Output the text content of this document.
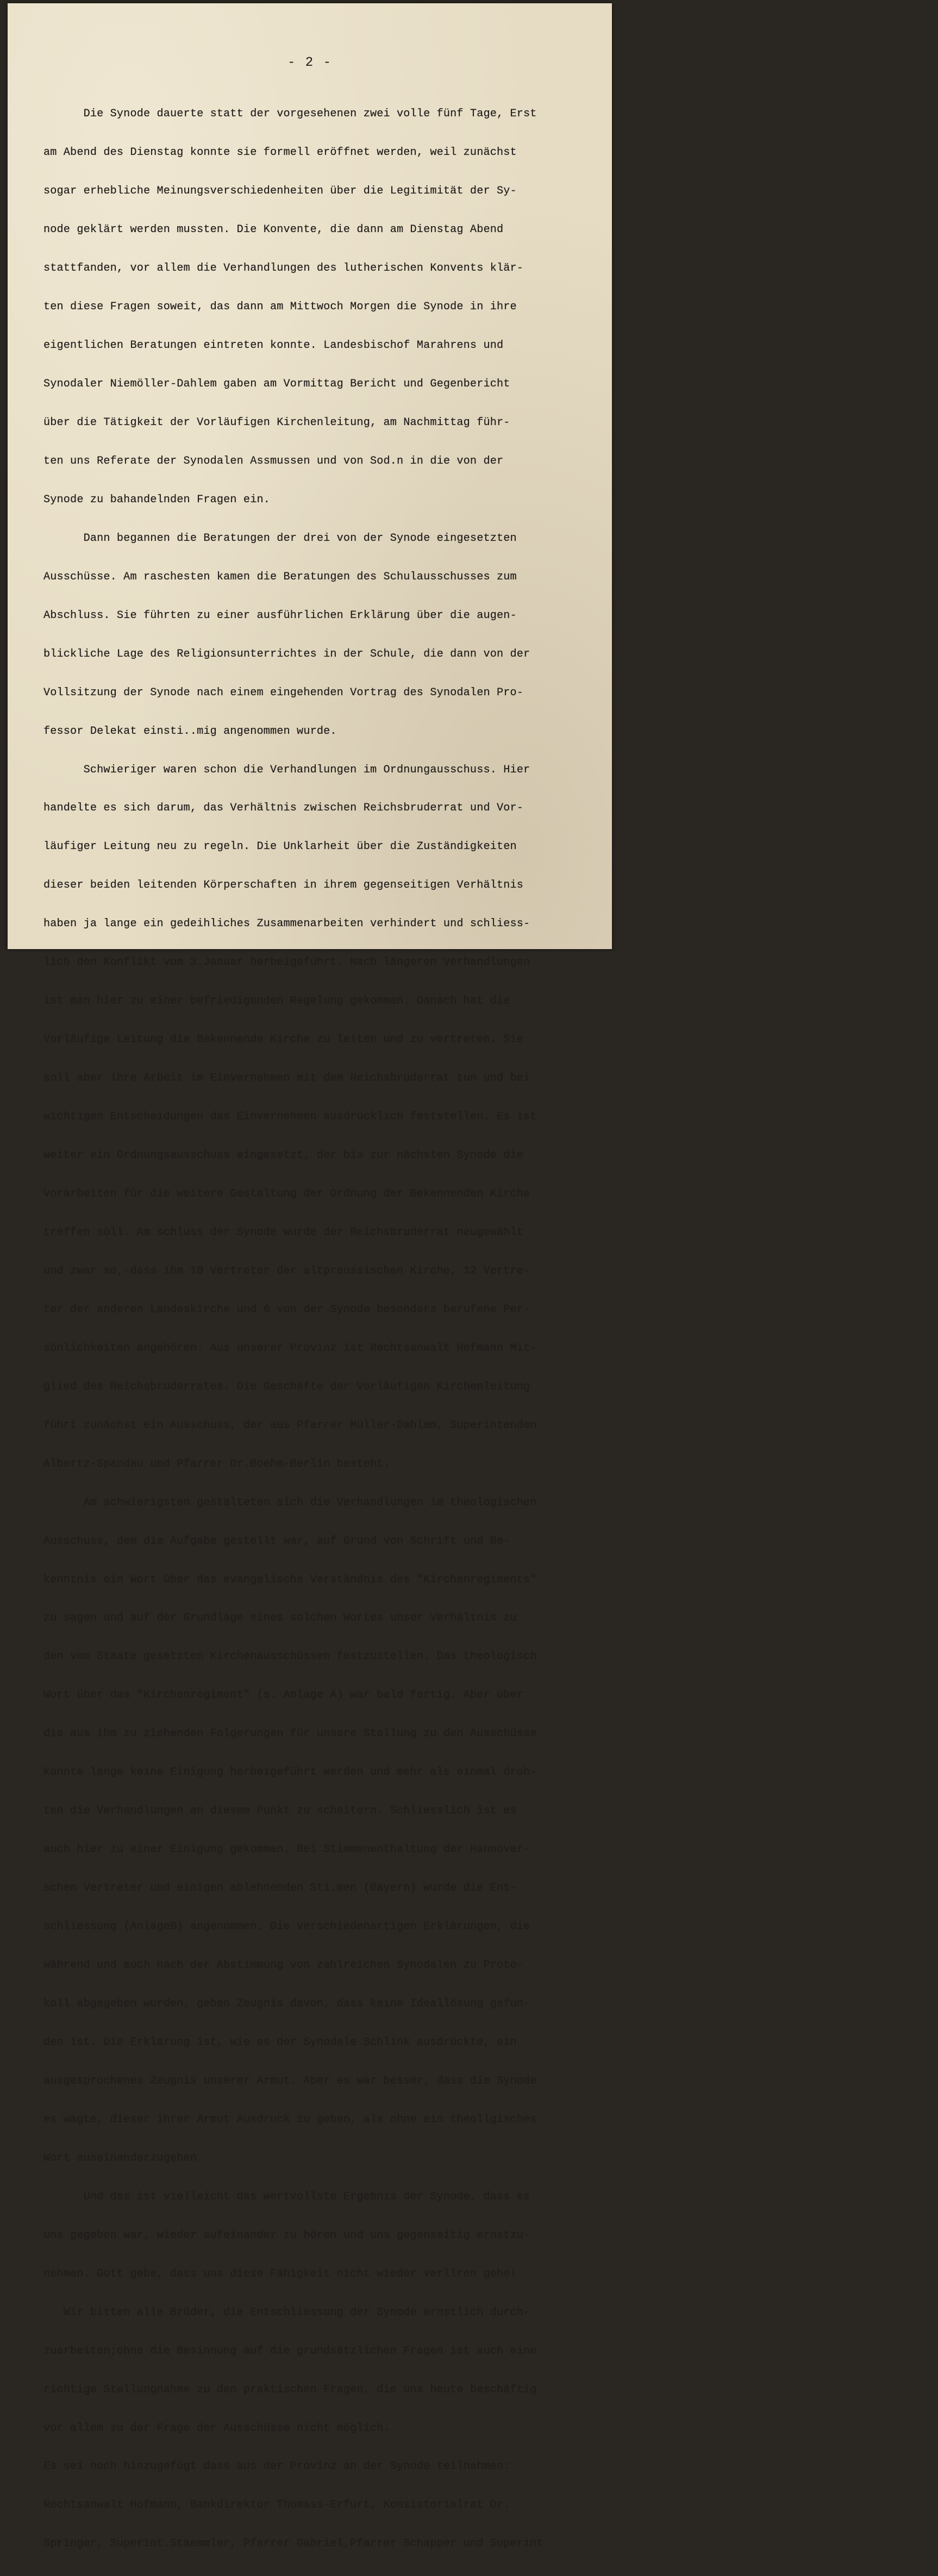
- 2 -

Die Synode dauerte statt der vorgesehenen zwei volle fünf Tage, Erst

am Abend des Dienstag konnte sie formell eröffnet werden, weil zunächst

sogar erhebliche Meinungsverschiedenheiten über die Legitimität der Sy-

node geklärt werden mussten. Die Konvente, die dann am Dienstag Abend

stattfanden, vor allem die Verhandlungen des lutherischen Konvents klär-

ten diese Fragen soweit, das dann am Mittwoch Morgen die Synode in ihre

eigentlichen Beratungen eintreten konnte. Landesbischof Marahrens und

Synodaler Niemöller-Dahlem gaben am Vormittag Bericht und Gegenbericht

über die Tätigkeit der Vorläufigen Kirchenleitung, am Nachmittag führ-

ten uns Referate der Synodalen Assmussen und von Sod.n in die von der

Synode zu bahandelnden Fragen ein.

Dann begannen die Beratungen der drei von der Synode eingesetzten

Ausschüsse. Am raschesten kamen die Beratungen des Schulausschusses zum

Abschluss. Sie führten zu einer ausführlichen Erklärung über die augen-

blickliche Lage des Religionsunterrichtes in der Schule, die dann von der

Vollsitzung der Synode nach einem eingehenden Vortrag des Synodalen Pro-

fessor Delekat einsti..mig angenommen wurde.

Schwieriger waren schon die Verhandlungen im Ordnungausschuss. Hier

handelte es sich darum, das Verhältnis zwischen Reichsbruderrat und Vor-

läufiger Leitung neu zu regeln. Die Unklarheit über die Zuständigkeiten

dieser beiden leitenden Körperschaften in ihrem gegenseitigen Verhältnis

haben ja lange ein gedeihliches Zusammenarbeiten verhindert und schliess-

lich den Konflikt vom 3.Januar herbeigeführt. Nach längeren Verhandlungen

ist man hier zu einer befriedigenden Regelung gekommen. Danach hat die

Vorläufige Leitung die Bekennende Kirche zu leiten und zu vertreten. Sie

soll aber ihre Arbeit im Einvernehmen mit dem Reichsbruderrat tun und bei

wichtigen Entscheidungen das Einvernehmen ausdrücklich feststellen. Es ist

weiter ein Ordnungsausschuss eingesetzt, der bis zur nächsten Synode die

Vorarbeiten für die weitere Gestaltung der Ordnung der Bekennenden Kirche

treffen soll. Am schluss der Synode wurde der Reichsbruderrat neugewählt

und zwar so,-dass ihm 10 Vertreter der altpreussischen Kirche, 12 Vertre-

ter der anderen Landeskirche und 6 von der Synode besonders berufene Per-

sönlichkeiten angehören. Aus unserer Provinz ist Rechtsanwalt Hofmann Mit-

glied des Reichsbruderrates. Die Geschäfte der Vorläufigen Kirchenleitung

führt zunächst ein Ausschuss, der aus Pfarrer Müller-Dahlem, Superintenden

Albertz-Spandau und Pfarrer Dr.Boehm-Berlin besteht.

Am schwierigsten gestalteten sich die Verhandlungen im theologischen

Ausschuss, dem die Aufgabe gestellt war, auf Grund von Schrift und Be-

kenntnis ein Wort über das evangelische Verständnis des "Kirchenregiments"

zu sagen und auf der Grundlage eines solchen Wortes unser Verhältnis zu

den vom Staate gesetzten Kirchenausschüssen festzustellen. Das theologisch

Wort über das "Kirchenregiment" (s. Anlage A) war bald fertig. Aber über

die aus ihm zu ziehenden Folgerungen für unsere Stellung zu den Ausschüsse

konnte lange keine Einigung herbeigeführt werden und mehr als einmal droh-

ten die Verhandlungen an diesem Punkt zu scheitern. Schliesslich ist es

auch hier zu einer Einigung gekommen. Bei Stimmenenthaltung der Hannover-

schen Vertreter und einigen ablehnenden Sti.men (Bayern) wurde die Ent-

schliessung (AnlageB) angenommen. Die verschiedenartigen Erklärungen, die

während und auch nach der Abstimmung von zahlreichen Synodalen zu Proto-

koll abgegeben wurden, geben Zeugnis davon, dass keine Ideallösung gefun-

den ist. Die Erklärung ist, wie es der Synodale Schlink ausdrückte, ein

ausgesprochenes Zeugnis unserer Armut. Aber es war besser, dass die Synode

es wagte, dieser ihrer Armut Ausdruck zu geben, als ohne ein theollgisches

Wort auseinanderzugehen.

Und das ist vielleicht das wertvollste Ergebnis der Synode, dass es

uns gegeben war, wieder aufeinander zu hören und uns gegenseitig ernstzu-

nehmen. Gott gebe, dass uns diese Fähigkeit nicht wieder verllren gehe!

Wir bitten alle Brüder, die Entschliessung der Synode ernstlich durch-

zuarbeiten;ohne die Besinnung auf die grundsätzlichen Fragen ist auch eine

richtige Stellungnahme zu den praktischen Fragen, die uns heute beschäftig

vor allem zu der Frage der Ausschüsse nicht möglich.

Es sei noch hinzugefügt dass aus der Provinz an der Synode teilnahmen:

Rechtsanwalt Hofmann, Bankdirektor Thomass-Erfurt, Konsistorialrat Dr.

Springer, Superint.Staemmler, Pfarrer Gabriel,Pfarrer Schapper und Superint
